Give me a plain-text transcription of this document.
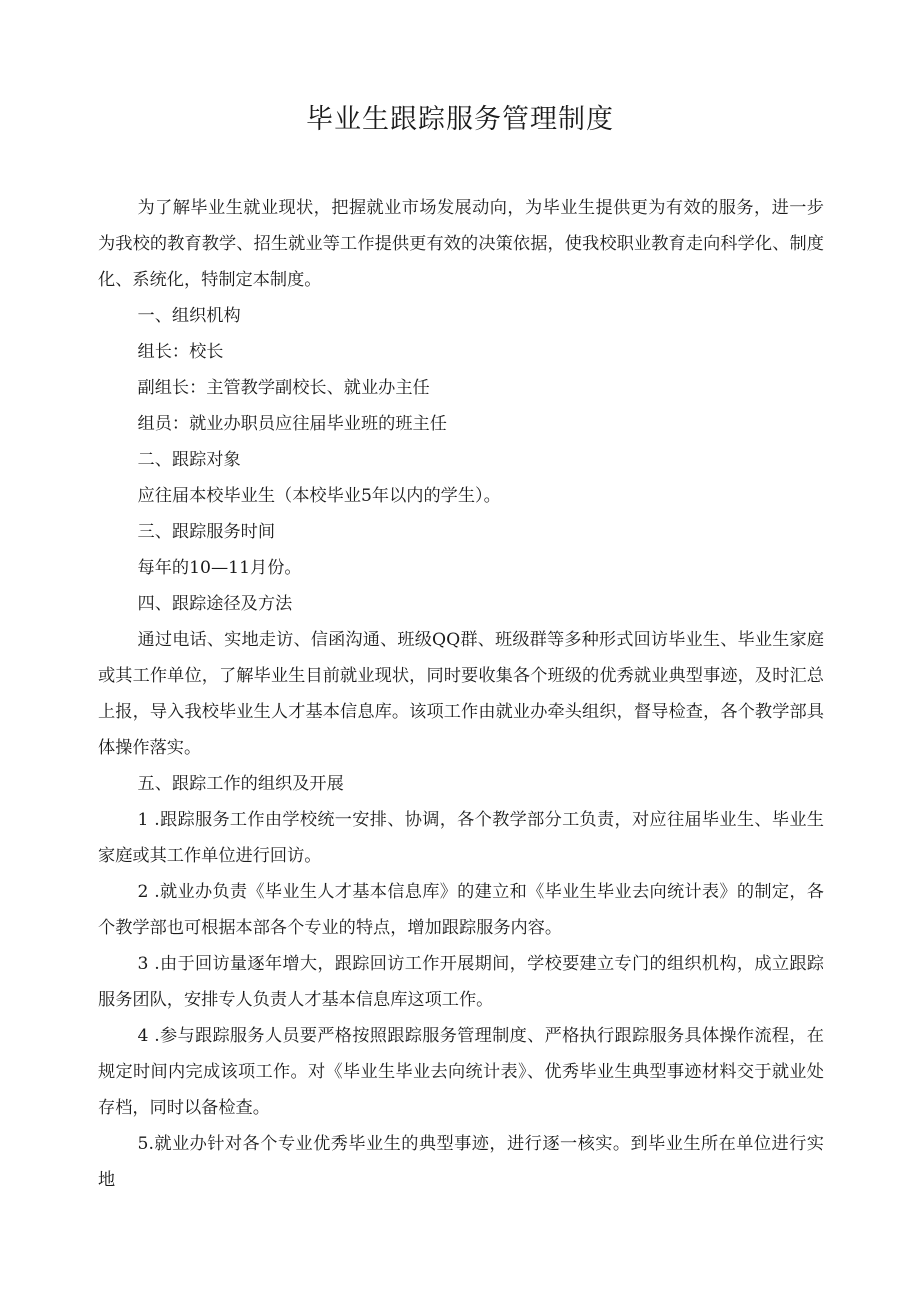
毕业生跟踪服务管理制度

为了解毕业生就业现状，把握就业市场发展动向，为毕业生提供更为有效的服务，进一步为我校的教育教学、招生就业等工作提供更有效的决策依据，使我校职业教育走向科学化、制度化、系统化，特制定本制度。

一、组织机构

组长：校长

副组长：主管教学副校长、就业办主任

组员：就业办职员应往届毕业班的班主任

二、跟踪对象

应往届本校毕业生（本校毕业5年以内的学生）。

三、跟踪服务时间

每年的10—11月份。

四、跟踪途径及方法

通过电话、实地走访、信函沟通、班级QQ群、班级群等多种形式回访毕业生、毕业生家庭或其工作单位，了解毕业生目前就业现状，同时要收集各个班级的优秀就业典型事迹，及时汇总上报，导入我校毕业生人才基本信息库。该项工作由就业办牵头组织，督导检查，各个教学部具体操作落实。

五、跟踪工作的组织及开展

1 .跟踪服务工作由学校统一安排、协调，各个教学部分工负责，对应往届毕业生、毕业生家庭或其工作单位进行回访。

2 .就业办负责《毕业生人才基本信息库》的建立和《毕业生毕业去向统计表》的制定，各个教学部也可根据本部各个专业的特点，增加跟踪服务内容。

3 .由于回访量逐年增大，跟踪回访工作开展期间，学校要建立专门的组织机构，成立跟踪服务团队，安排专人负责人才基本信息库这项工作。

4 .参与跟踪服务人员要严格按照跟踪服务管理制度、严格执行跟踪服务具体操作流程，在规定时间内完成该项工作。对《毕业生毕业去向统计表》、优秀毕业生典型事迹材料交于就业处存档，同时以备检查。

5.就业办针对各个专业优秀毕业生的典型事迹，进行逐一核实。到毕业生所在单位进行实地
